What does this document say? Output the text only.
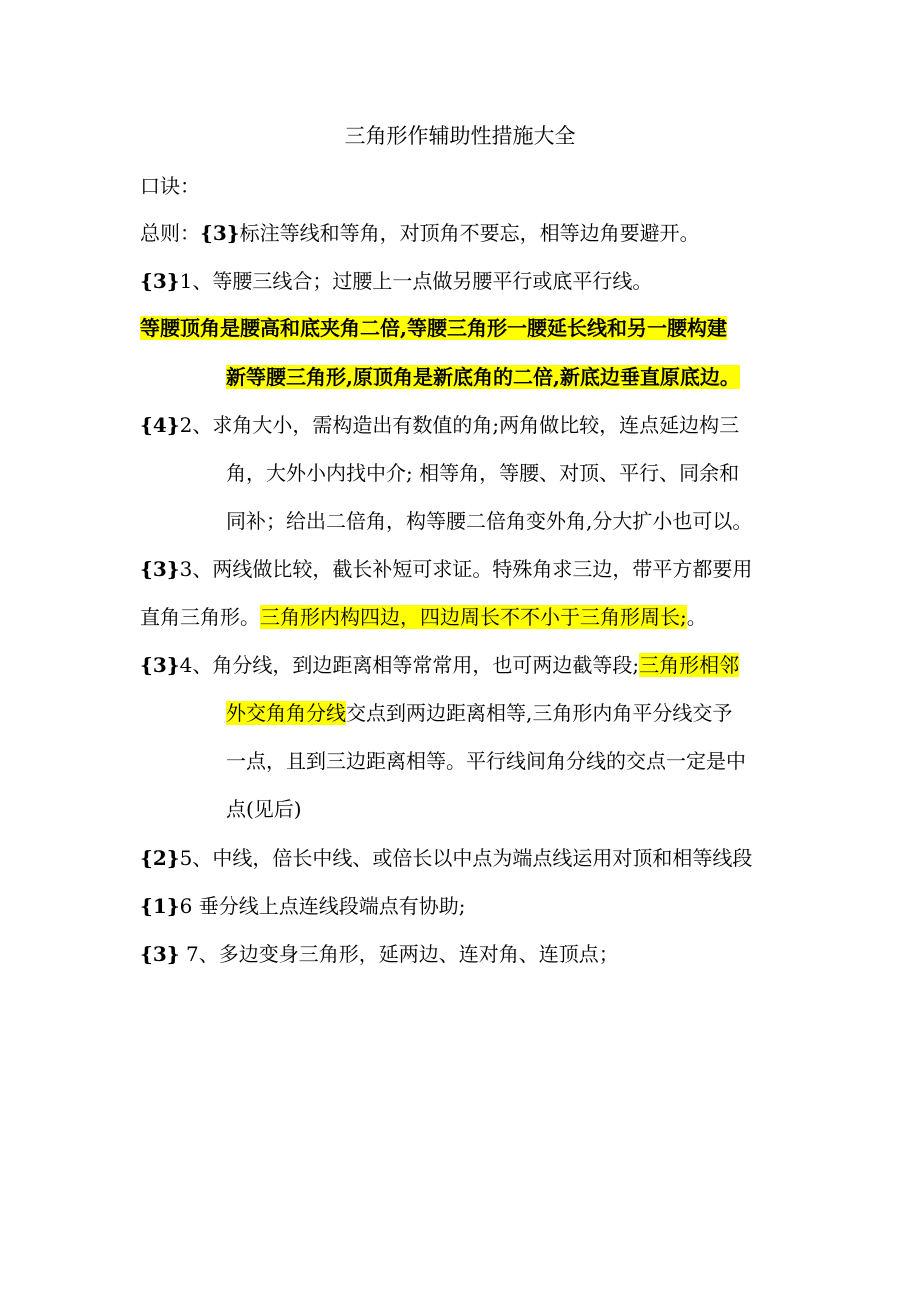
三角形作辅助性措施大全
口诀：
总则：{3}标注等线和等角，对顶角不要忘，相等边角要避开。
{3}1、等腰三线合；过腰上一点做另腰平行或底平行线。
等腰顶角是腰高和底夹角二倍,等腰三角形一腰延长线和另一腰构建
新等腰三角形,原顶角是新底角的二倍,新底边垂直原底边。
{4}2、求角大小，需构造出有数值的角;两角做比较，连点延边构三
角，大外小内找中介; 相等角，等腰、对顶、平行、同余和
同补；给出二倍角，构等腰二倍角变外角,分大扩小也可以。
{3}3、两线做比较，截长补短可求证。特殊角求三边，带平方都要用
直角三角形。三角形内构四边，四边周长不不小于三角形周长;。
{3}4、角分线，到边距离相等常常用，也可两边截等段;三角形相邻
外交角角分线交点到两边距离相等,三角形内角平分线交予
一点，且到三边距离相等。平行线间角分线的交点一定是中
点(见后)
{2}5、中线，倍长中线、或倍长以中点为端点线运用对顶和相等线段
{1}6 垂分线上点连线段端点有协助;
{3} 7、多边变身三角形，延两边、连对角、连顶点；
